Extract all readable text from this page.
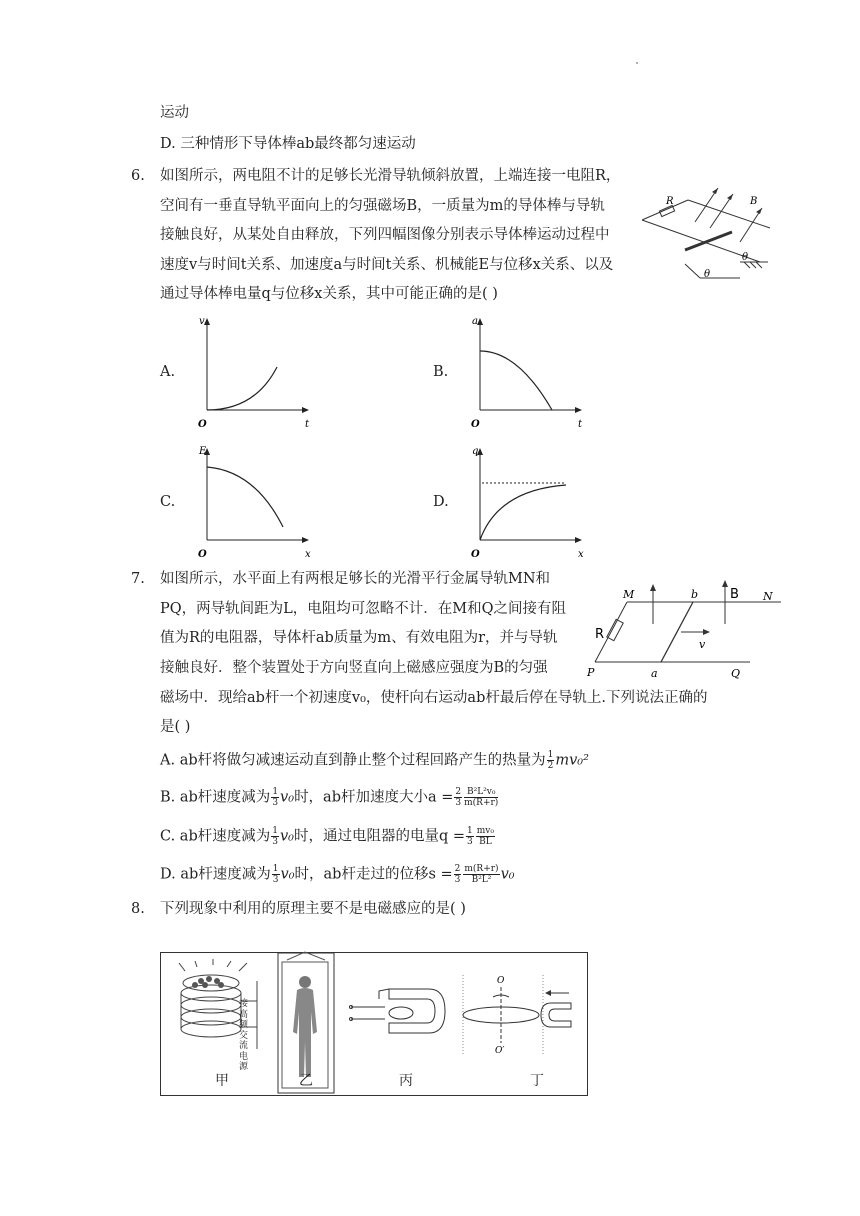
运动
D. 三种情形下导体棒ab最终都匀速运动
6. 如图所示，两电阻不计的足够长光滑导轨倾斜放置，上端连接一电阻R，
空间有一垂直导轨平面向上的匀强磁场B，一质量为m的导体棒与导轨
接触良好，从某处自由释放，下列四幅图像分别表示导体棒运动过程中
速度v与时间t关系、加速度a与时间t关系、机械能E与位移x关系、以及
通过导体棒电量q与位移x关系，其中可能正确的是( )
R	B
θ
θ
A.
v
t
O
B.
a
t
O
C.
E
x
O
D.
q
x
O
7. 如图所示，水平面上有两根足够长的光滑平行金属导轨MN和
PQ，两导轨间距为L，电阻均可忽略不计．在M和Q之间接有阻
值为R的电阻器，导体杆ab质量为m、有效电阻为r，并与导轨
接触良好．整个装置处于方向竖直向上磁感应强度为B的匀强
磁场中．现给ab杆一个初速度v₀，使杆向右运动ab杆最后停在导轨上.下列说法正确的
是( )
M	N
P	Q
a
b
R
B
v
A. ab杆将做匀减速运动直到静止整个过程回路产生的热量为 $\frac{1}{2} mv_0^2$
B. ab杆速度减为 $\frac{1}{3} v_0$时，ab杆加速度大小$a = \frac{2}{3} \frac{\text{B²L²v₀}}{m(R+r)}$
C. ab杆速度减为 $\frac{1}{3} v_0$时，通过电阻器的电量$q = \frac{1}{3} \frac{\text{mv₀}}{BL}$
D. ab杆速度减为 $\frac{1}{3} v_0$时，ab杆走过的位移$s = \frac{2}{3} \frac{m(R+r)}{\text{B²L²}} v_0$
8. 下列现象中利用的原理主要不是电磁感应的是( )
接
高
频
交
流
电
源
O
O′
甲	乙	丙	丁
